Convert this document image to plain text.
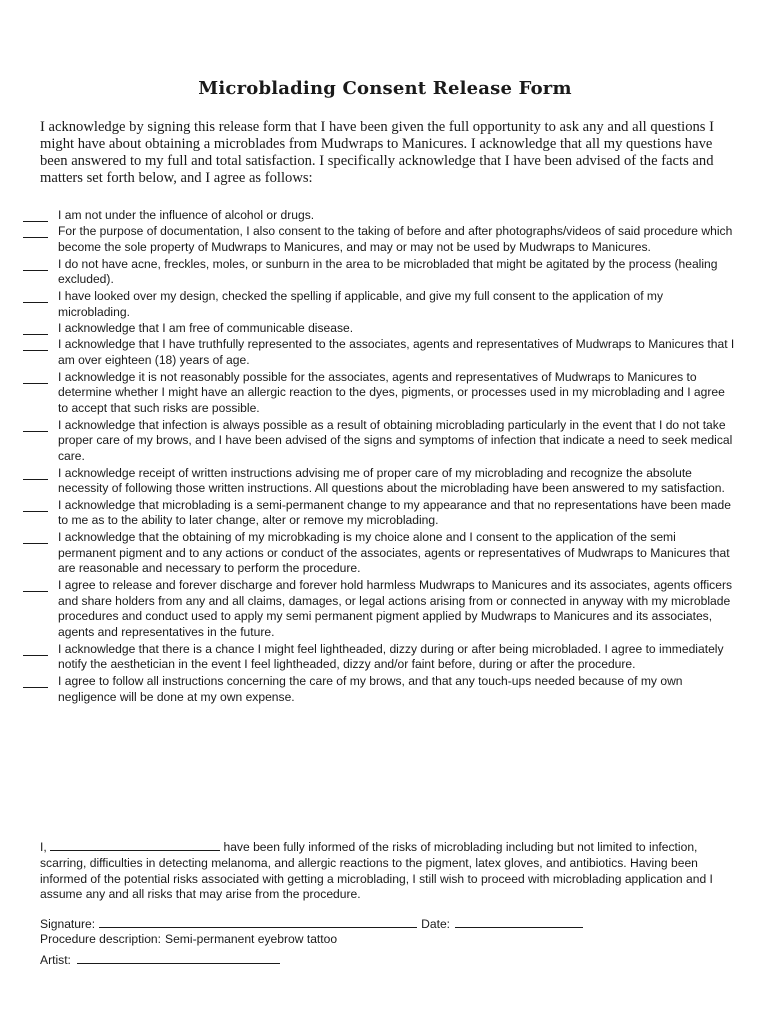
Microblading Consent Release Form
I acknowledge by signing this release form that I have been given the full opportunity to ask any and all questions I might have about obtaining a microblades from Mudwraps to Manicures. I acknowledge that all my questions have been answered to my full and total satisfaction. I specifically acknowledge that I have been advised of the facts and matters set forth below, and I agree as follows:
I am not under the influence of alcohol or drugs.
For the purpose of documentation, I also consent to the taking of before and after photographs/videos of said procedure which become the sole property of Mudwraps to Manicures, and may or may not be used by Mudwraps to Manicures.
I do not have acne, freckles, moles, or sunburn in the area to be microbladed that might be agitated by the process (healing excluded).
I have looked over my design, checked the spelling if applicable, and give my full consent to the application of my microblading.
I acknowledge that I am free of communicable disease.
I acknowledge that I have truthfully represented to the associates, agents and representatives of Mudwraps to Manicures that I am over eighteen (18) years of age.
I acknowledge it is not reasonably possible for the associates, agents and representatives of Mudwraps to Manicures to determine whether I might have an allergic reaction to the dyes, pigments, or processes used in my microblading and I agree to accept that such risks are possible.
I acknowledge that infection is always possible as a result of obtaining microblading particularly in the event that I do not take proper care of my brows, and I have been advised of the signs and symptoms of infection that indicate a need to seek medical care.
I acknowledge receipt of written instructions advising me of proper care of my microblading and recognize the absolute necessity of following those written instructions. All questions about the microblading have been answered to my satisfaction.
I acknowledge that microblading is a semi-permanent change to my appearance and that no representations have been made to me as to the ability to later change, alter or remove my microblading.
I acknowledge that the obtaining of my microbkading is my choice alone and I consent to the application of the semi permanent pigment and to any actions or conduct of the associates, agents or representatives of Mudwraps to Manicures that are reasonable and necessary to perform the procedure.
I agree to release and forever discharge and forever hold harmless Mudwraps to Manicures and its associates, agents officers and share holders from any and all claims, damages, or legal actions arising from or connected in anyway with my microblade procedures and conduct used to apply my semi permanent pigment applied by Mudwraps to Manicures and its associates, agents and representatives in the future.
I acknowledge that there is a chance I might feel lightheaded, dizzy during or after being microbladed. I agree to immediately notify the aesthetician in the event I feel lightheaded, dizzy and/or faint before, during or after the procedure.
I agree to follow all instructions concerning the care of my brows, and that any touch-ups needed because of my own negligence will be done at my own expense.
I,	have been fully informed of the risks of microblading including but not limited to infection, scarring, difficulties in detecting melanoma, and allergic reactions to the pigment, latex gloves, and antibiotics. Having been informed of the potential risks associated with getting a microblading, I still wish to proceed with microblading application and I assume any and all risks that may arise from the procedure.
Signature:	Date:
Procedure description: Semi-permanent eyebrow tattoo
Artist:
